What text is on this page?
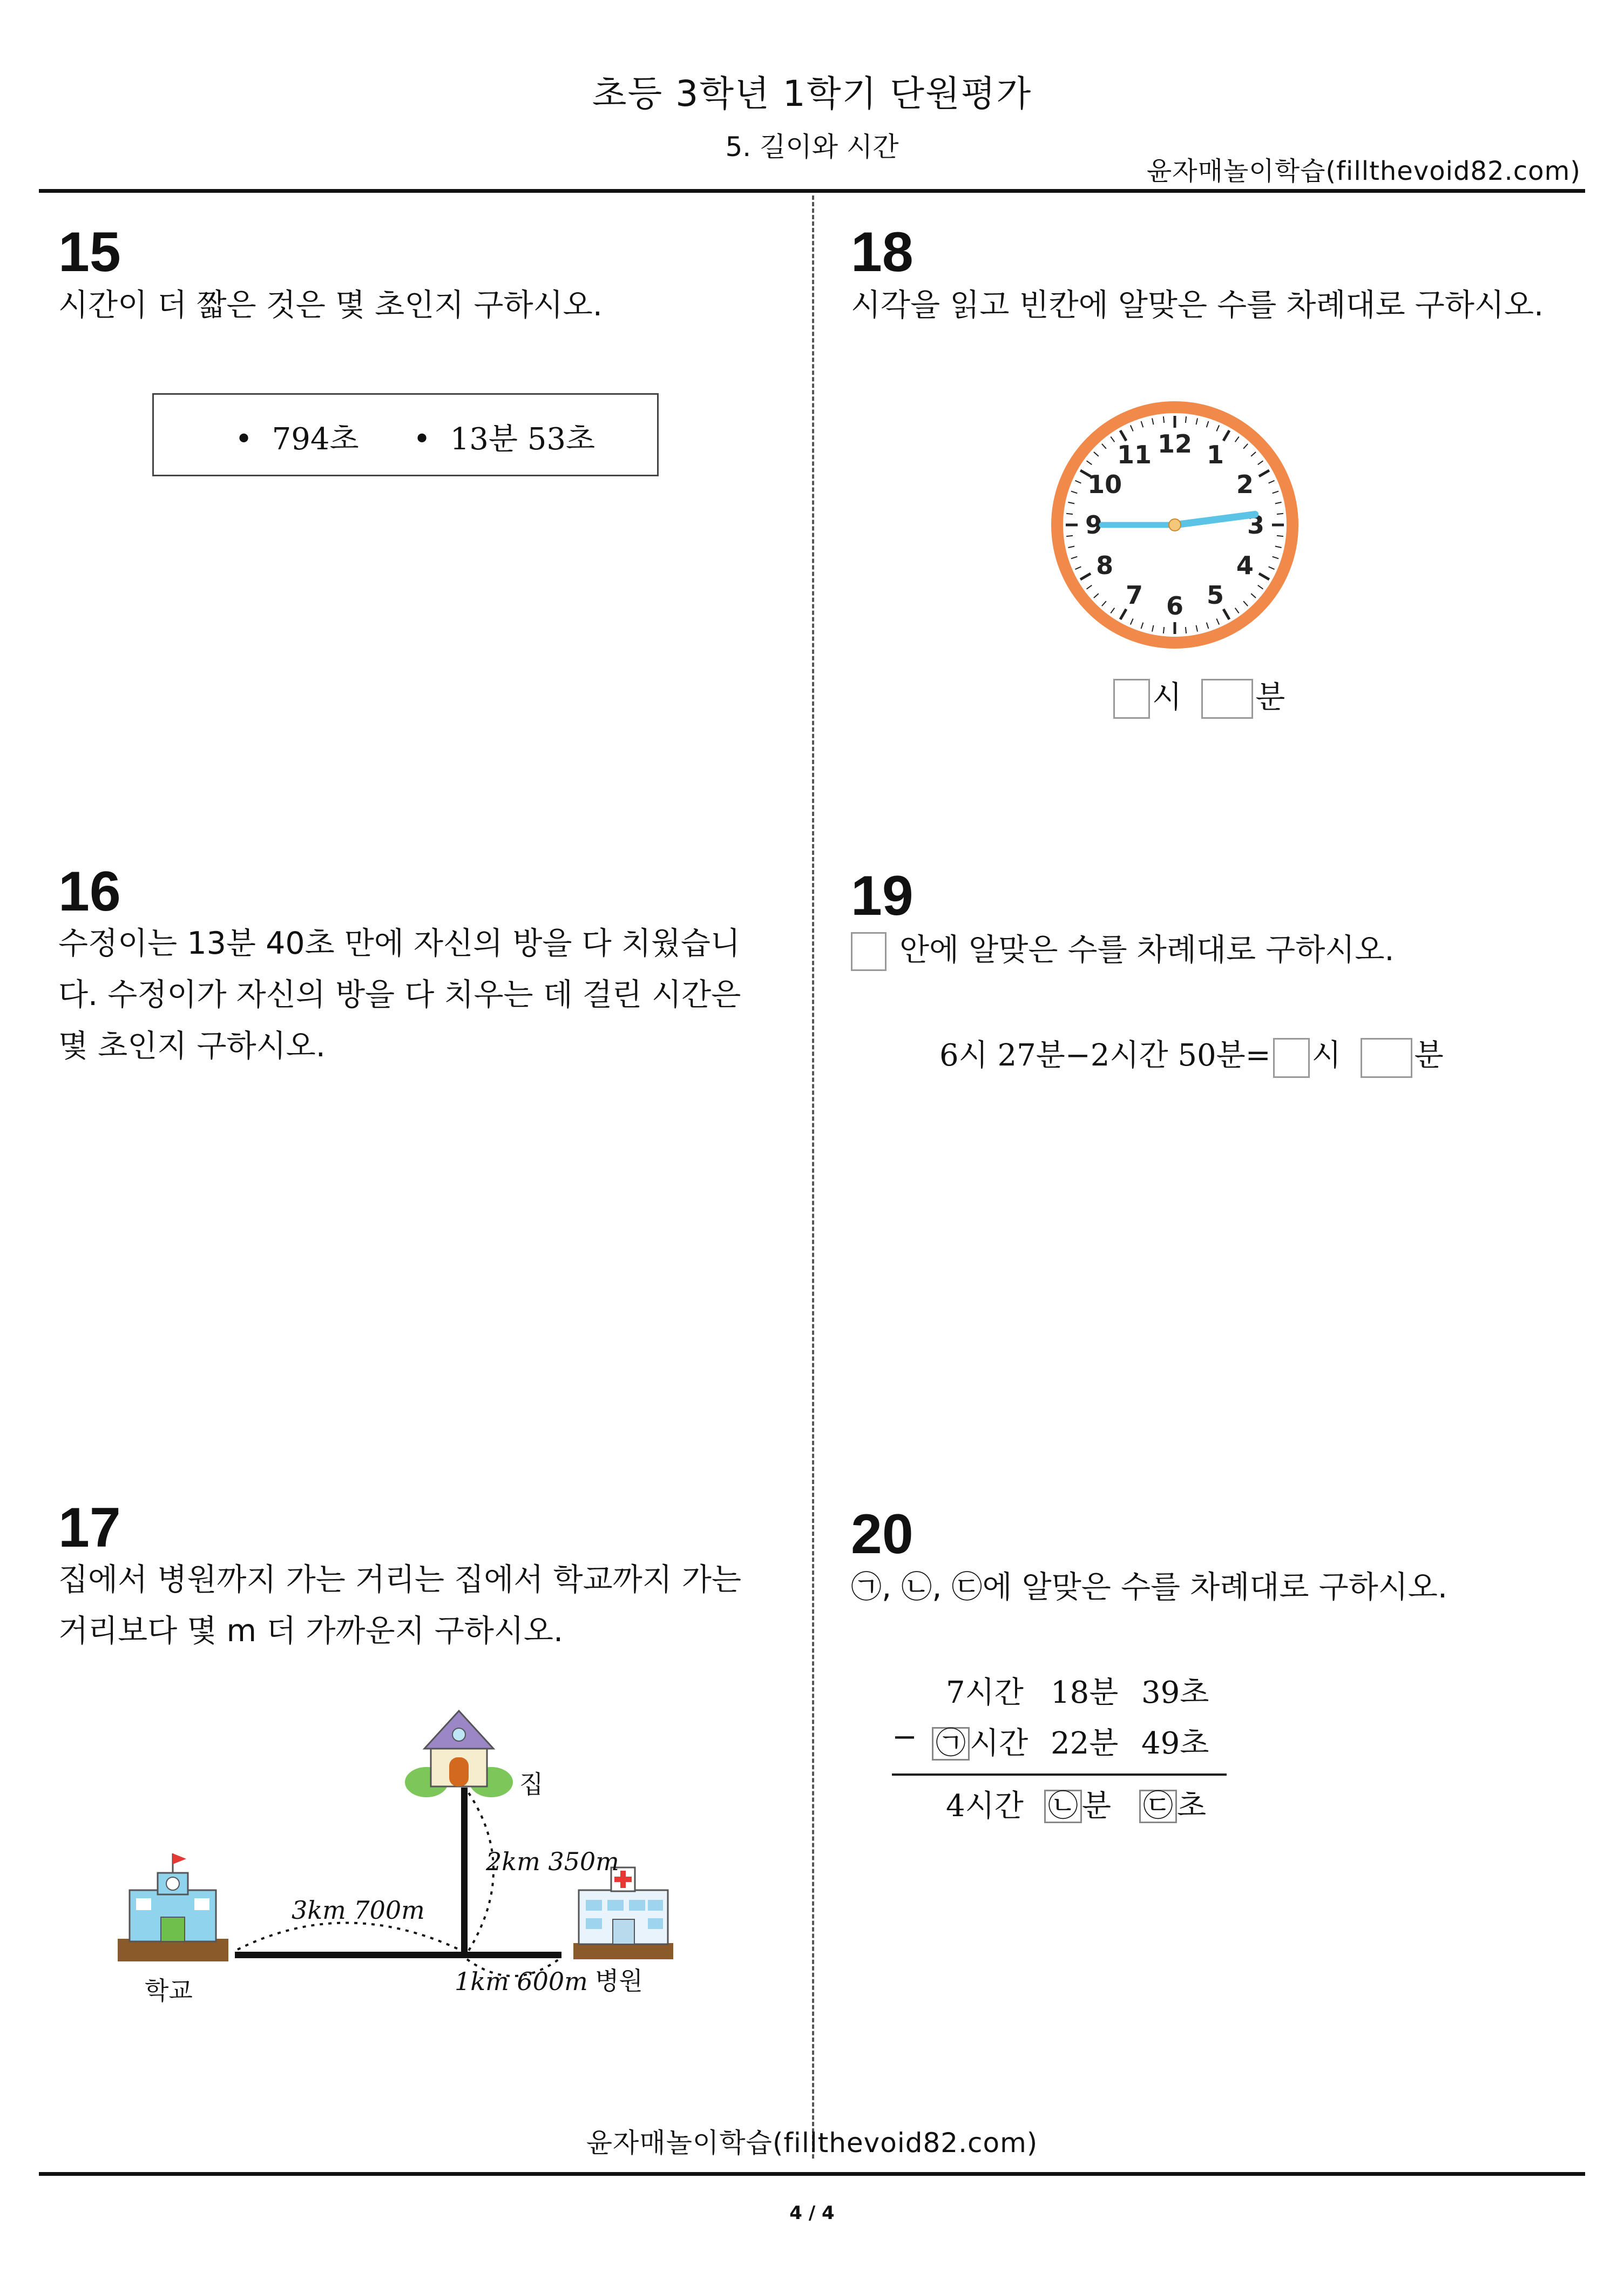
초등 3학년 1학기 단원평가
5. 길이와 시간
윤자매놀이학습(fillthevoid82.com)
15
시간이 더 짧은 것은 몇 초인지 구하시오.
•  794초 •  13분 53초
16
수정이는 13분 40초 만에 자신의 방을 다 치웠습니
다. 수정이가 자신의 방을 다 치우는 데 걸린 시간은
몇 초인지 구하시오.
17
집에서 병원까지 가는 거리는 집에서 학교까지 가는
거리보다 몇 m 더 가까운지 구하시오.
3km 700m
2km 350m
1km 600m
집
학교	병원
18
시각을 읽고 빈칸에 알맞은 수를 차례대로 구하시오.
12 1
2
3
4
5
6
7
8
9
10
11
시 분
19
안에 알맞은 수를 차례대로 구하시오.
6시 27분−2시간 50분= 시 분
20
㉠, ㉡, ㉢에 알맞은 수를 차례대로 구하시오.
7시간 18분 39초
− ㉠ 시간 22분 49초
4시간 ㉡ 분 ㉢ 초
윤자매놀이학습(fillthevoid82.com)
4 / 4
